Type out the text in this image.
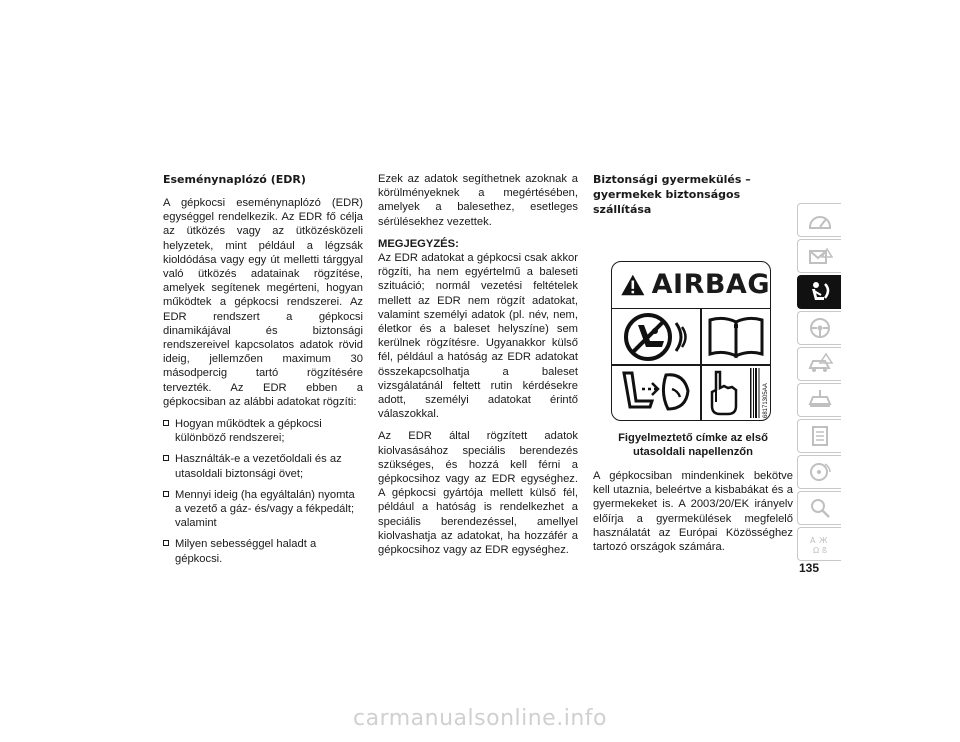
Eseménynaplózó (EDR)
A gépkocsi eseménynaplózó (EDR) egységgel rendelkezik. Az EDR fő célja az ütközés vagy az ütközésközeli helyzetek, mint például a légzsák kioldódása vagy egy út melletti tárggyal való ütközés adatainak rögzítése, amelyek segítenek megérteni, hogyan működtek a gépkocsi rendszerei. Az EDR rendszert a gépkocsi dinamikájával és biztonsági rendszereivel kapcsolatos adatok rövid ideig, jellemzően maximum 30 másodpercig tartó rögzítésére tervezték. Az EDR ebben a gépkocsiban az alábbi adatokat rögzíti:
Hogyan működtek a gépkocsi különböző rendszerei;
Használták-e a vezetőoldali és az utasoldali biztonsági övet;
Mennyi ideig (ha egyáltalán) nyomta a vezető a gáz- és/vagy a fékpedált; valamint
Milyen sebességgel haladt a gépkocsi.
Ezek az adatok segíthetnek azoknak a körülményeknek a megértésében, amelyek a balesethez, esetleges sérülésekhez vezettek.
MEGJEGYZÉS:
Az EDR adatokat a gépkocsi csak akkor rögzíti, ha nem egyértelmű a baleseti szituáció; normál vezetési feltételek mellett az EDR nem rögzít adatokat, valamint személyi adatok (pl. név, nem, életkor és a baleset helyszíne) sem kerülnek rögzítésre. Ugyanakkor külső fél, például a hatóság az EDR adatokat összekapcsolhatja a baleset vizsgálatánál feltett rutin kérdésekre adott, személyi adatokat érintő válaszokkal.
Az EDR által rögzített adatok kiolvasásához speciális berendezés szükséges, és hozzá kell férni a gépkocsihoz vagy az EDR egységhez. A gépkocsi gyártója mellett külső fél, például a hatóság is rendelkezhet a speciális berendezéssel, amellyel kiolvashatja az adatokat, ha hozzáfér a gépkocsihoz vagy az EDR egységhez.
Biztonsági gyermekülés – gyermekek biztonságos szállítása
AIRBAG
68171305AA
Figyelmeztető címke az első utasoldali napellenzőn
A gépkocsiban mindenkinek bekötve kell utaznia, beleértve a kisbabákat és a gyermekeket is. A 2003/20/EK irányelv előírja a gyermekülések megfelelő használatát az Európai Közösséghez tartozó országok számára.
135
A Ж
Ω ß
carmanualsonline.info
